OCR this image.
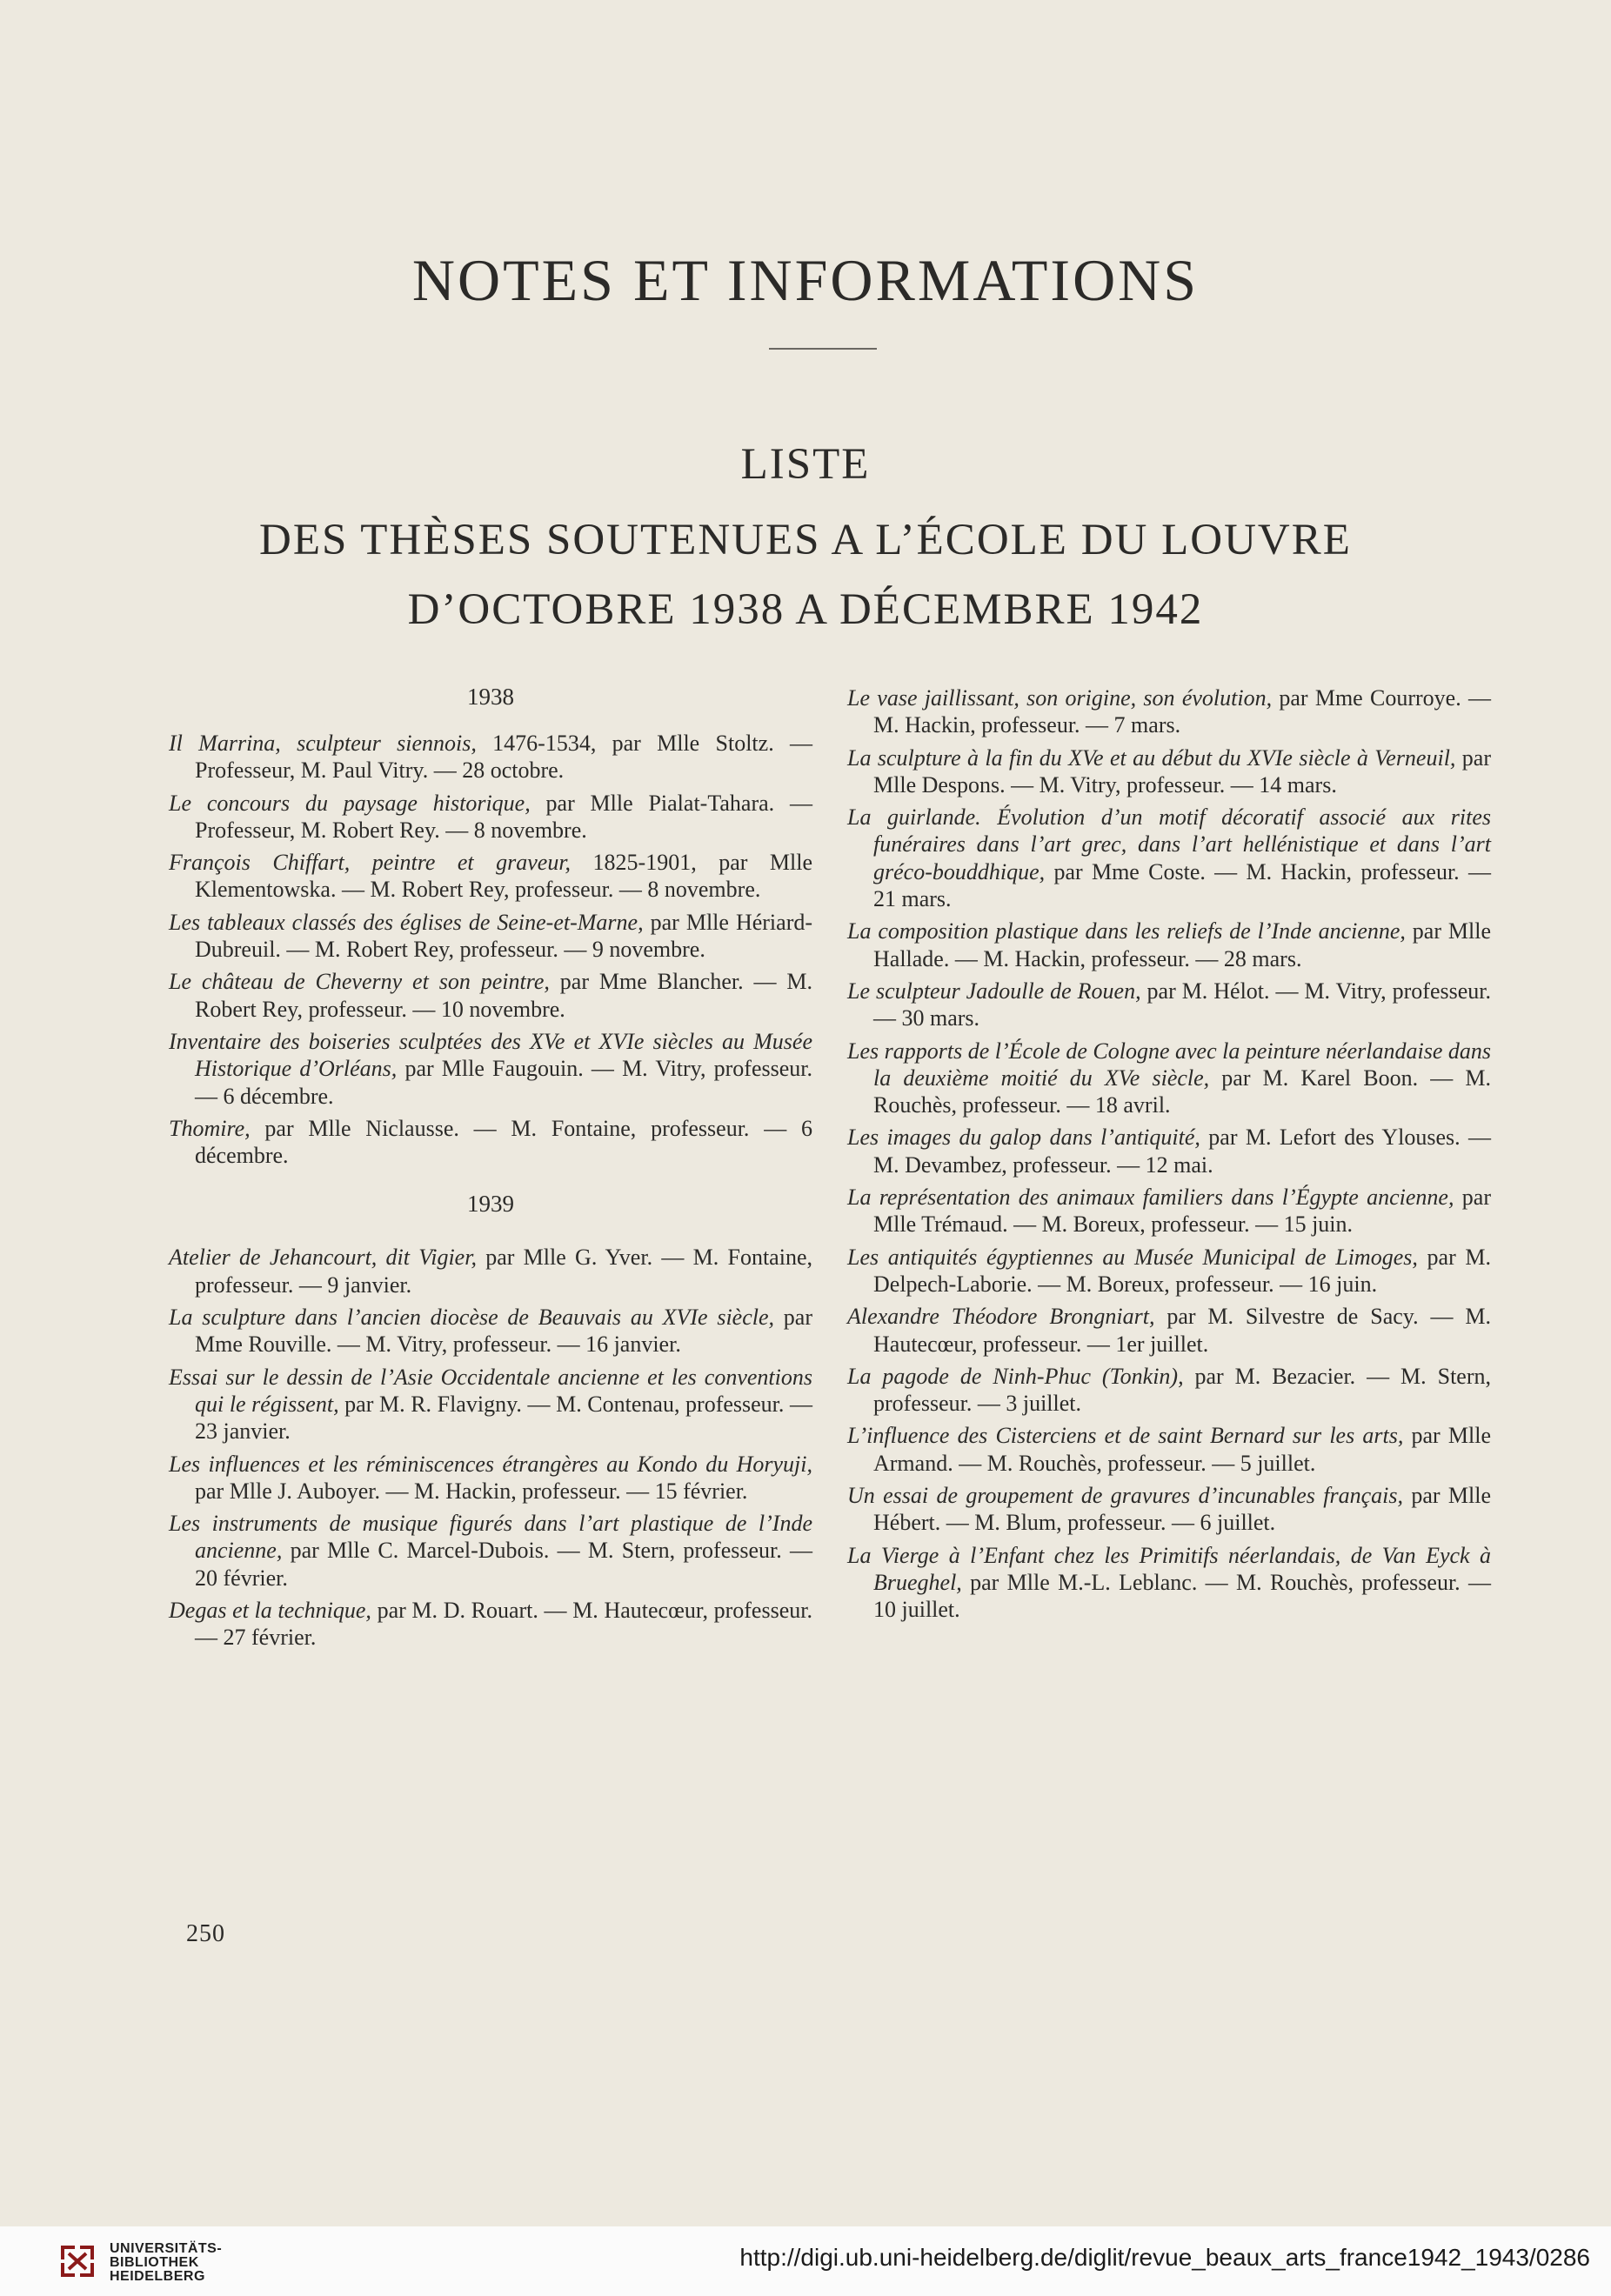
NOTES ET INFORMATIONS
LISTE
DES THÈSES SOUTENUES A L’ÉCOLE DU LOUVRE
D’OCTOBRE 1938 A DÉCEMBRE 1942
1938
Il Marrina, sculpteur siennois, 1476-1534, par Mlle Stoltz. — Professeur, M. Paul Vitry. — 28 octobre.
Le concours du paysage historique, par Mlle Pialat-Tahara. — Professeur, M. Robert Rey. — 8 novembre.
François Chiffart, peintre et graveur, 1825-1901, par Mlle Klementowska. — M. Robert Rey, professeur. — 8 novembre.
Les tableaux classés des églises de Seine-et-Marne, par Mlle Hériard-Dubreuil. — M. Robert Rey, professeur. — 9 novembre.
Le château de Cheverny et son peintre, par Mme Blancher. — M. Robert Rey, professeur. — 10 novembre.
Inventaire des boiseries sculptées des XVe et XVIe siècles au Musée Historique d’Orléans, par Mlle Faugouin. — M. Vitry, professeur. — 6 décembre.
Thomire, par Mlle Niclausse. — M. Fontaine, professeur. — 6 décembre.
1939
Atelier de Jehancourt, dit Vigier, par Mlle G. Yver. — M. Fontaine, professeur. — 9 janvier.
La sculpture dans l’ancien diocèse de Beauvais au XVIe siècle, par Mme Rouville. — M. Vitry, professeur. — 16 janvier.
Essai sur le dessin de l’Asie Occidentale ancienne et les conventions qui le régissent, par M. R. Flavigny. — M. Contenau, professeur. — 23 janvier.
Les influences et les réminiscences étrangères au Kondo du Horyuji, par Mlle J. Auboyer. — M. Hackin, professeur. — 15 février.
Les instruments de musique figurés dans l’art plastique de l’Inde ancienne, par Mlle C. Marcel-Dubois. — M. Stern, professeur. — 20 février.
Degas et la technique, par M. D. Rouart. — M. Hautecœur, professeur. — 27 février.
Le vase jaillissant, son origine, son évolution, par Mme Courroye. — M. Hackin, professeur. — 7 mars.
La sculpture à la fin du XVe et au début du XVIe siècle à Verneuil, par Mlle Despons. — M. Vitry, professeur. — 14 mars.
La guirlande. Évolution d’un motif décoratif associé aux rites funéraires dans l’art grec, dans l’art hellénistique et dans l’art gréco-bouddhique, par Mme Coste. — M. Hackin, professeur. — 21 mars.
La composition plastique dans les reliefs de l’Inde ancienne, par Mlle Hallade. — M. Hackin, professeur. — 28 mars.
Le sculpteur Jadoulle de Rouen, par M. Hélot. — M. Vitry, professeur. — 30 mars.
Les rapports de l’École de Cologne avec la peinture néerlandaise dans la deuxième moitié du XVe siècle, par M. Karel Boon. — M. Rouchès, professeur. — 18 avril.
Les images du galop dans l’antiquité, par M. Lefort des Ylouses. — M. Devambez, professeur. — 12 mai.
La représentation des animaux familiers dans l’Égypte ancienne, par Mlle Trémaud. — M. Boreux, professeur. — 15 juin.
Les antiquités égyptiennes au Musée Municipal de Limoges, par M. Delpech-Laborie. — M. Boreux, professeur. — 16 juin.
Alexandre Théodore Brongniart, par M. Silvestre de Sacy. — M. Hautecœur, professeur. — 1er juillet.
La pagode de Ninh-Phuc (Tonkin), par M. Bezacier. — M. Stern, professeur. — 3 juillet.
L’influence des Cisterciens et de saint Bernard sur les arts, par Mlle Armand. — M. Rouchès, professeur. — 5 juillet.
Un essai de groupement de gravures d’incunables français, par Mlle Hébert. — M. Blum, professeur. — 6 juillet.
La Vierge à l’Enfant chez les Primitifs néerlandais, de Van Eyck à Brueghel, par Mlle M.-L. Leblanc. — M. Rouchès, professeur. — 10 juillet.
250
UNIVERSITÄTS-
BIBLIOTHEK
HEIDELBERG
http://digi.ub.uni-heidelberg.de/diglit/revue_beaux_arts_france1942_1943/0286
